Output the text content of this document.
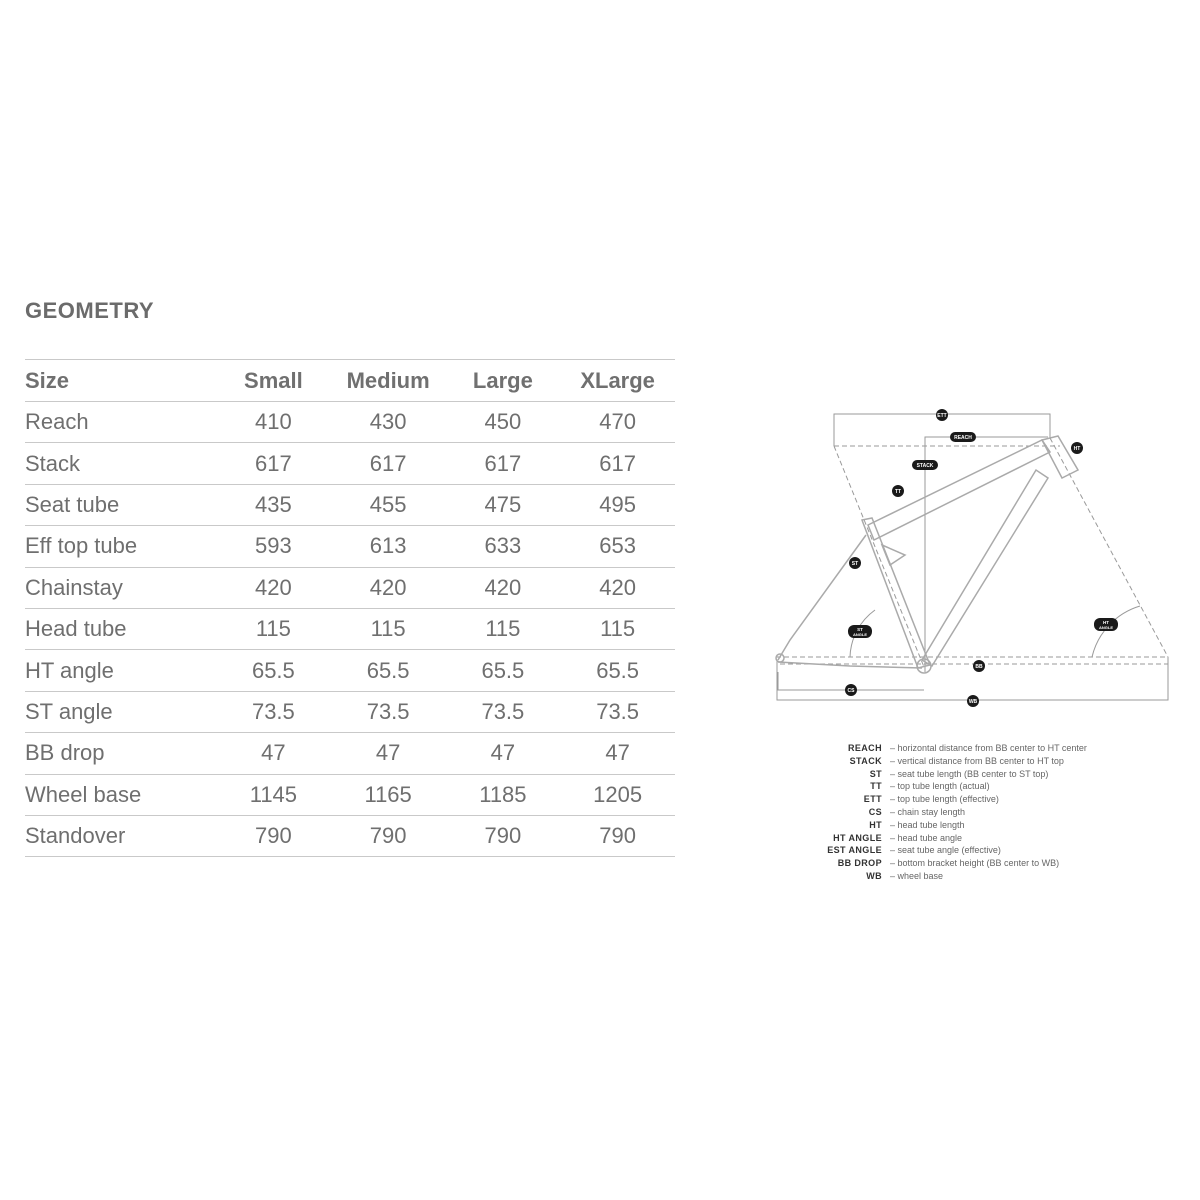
GEOMETRY
Size	Small	Medium	Large	XLarge
Reach	410	430	450	470
Stack	617	617	617	617
Seat tube	435	455	475	495
Eff top tube	593	613	633	653
Chainstay	420	420	420	420
Head tube	115	115	115	115
HT angle	65.5	65.5	65.5	65.5
ST angle	73.5	73.5	73.5	73.5
BB drop	47	47	47	47
Wheel base	1145	1165	1185	1205
Standover	790	790	790	790
ETT
REACH
STACK
TT
HT
ST
ST
ANGLE
HT
ANGLE
BB
CS
WB
REACH – horizontal distance from BB center to HT center
STACK – vertical distance from BB center to HT top
ST – seat tube length (BB center to ST top)
TT – top tube length (actual)
ETT – top tube length (effective)
CS – chain stay length
HT – head tube length
HT ANGLE – head tube angle
EST ANGLE – seat tube angle (effective)
BB DROP – bottom bracket height (BB center to WB)
WB – wheel base
